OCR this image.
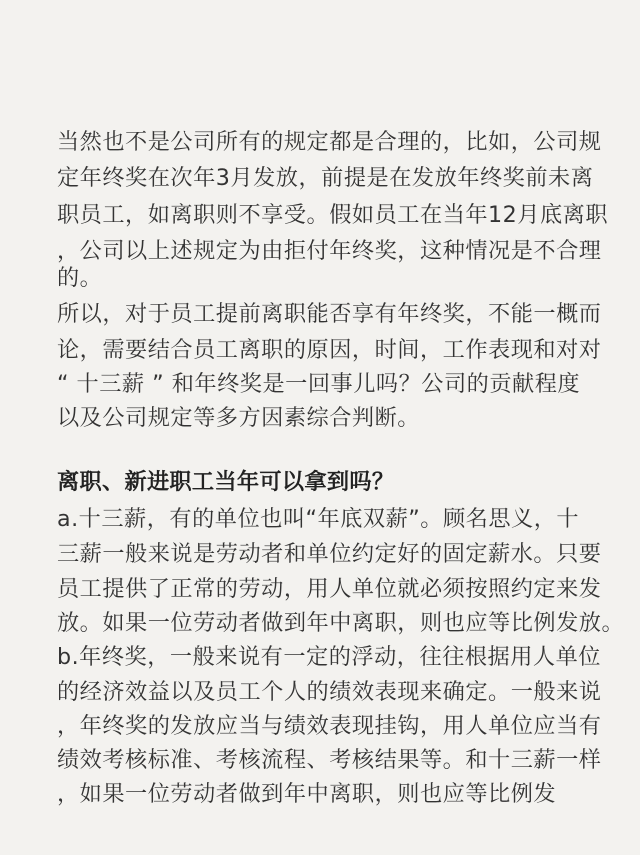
当然也不是公司所有的规定都是合理的，比如，公司规
定年终奖在次年3月发放，前提是在发放年终奖前未离
职员工，如离职则不享受。假如员工在当年12月底离职
，公司以上述规定为由拒付年终奖，这种情况是不合理
的。
所以，对于员工提前离职能否享有年终奖，不能一概而
论，需要结合员工离职的原因，时间，工作表现和对对
“ 十三薪 ” 和年终奖是一回事儿吗？公司的贡献程度
以及公司规定等多方因素综合判断。
离职、新进职工当年可以拿到吗？
a.十三薪，有的单位也叫“年底双薪”。顾名思义，十
三薪一般来说是劳动者和单位约定好的固定薪水。只要
员工提供了正常的劳动，用人单位就必须按照约定来发
放。如果一位劳动者做到年中离职，则也应等比例发放。
b.年终奖，一般来说有一定的浮动，往往根据用人单位
的经济效益以及员工个人的绩效表现来确定。一般来说
，年终奖的发放应当与绩效表现挂钩，用人单位应当有
绩效考核标准、考核流程、考核结果等。和十三薪一样
，如果一位劳动者做到年中离职，则也应等比例发
